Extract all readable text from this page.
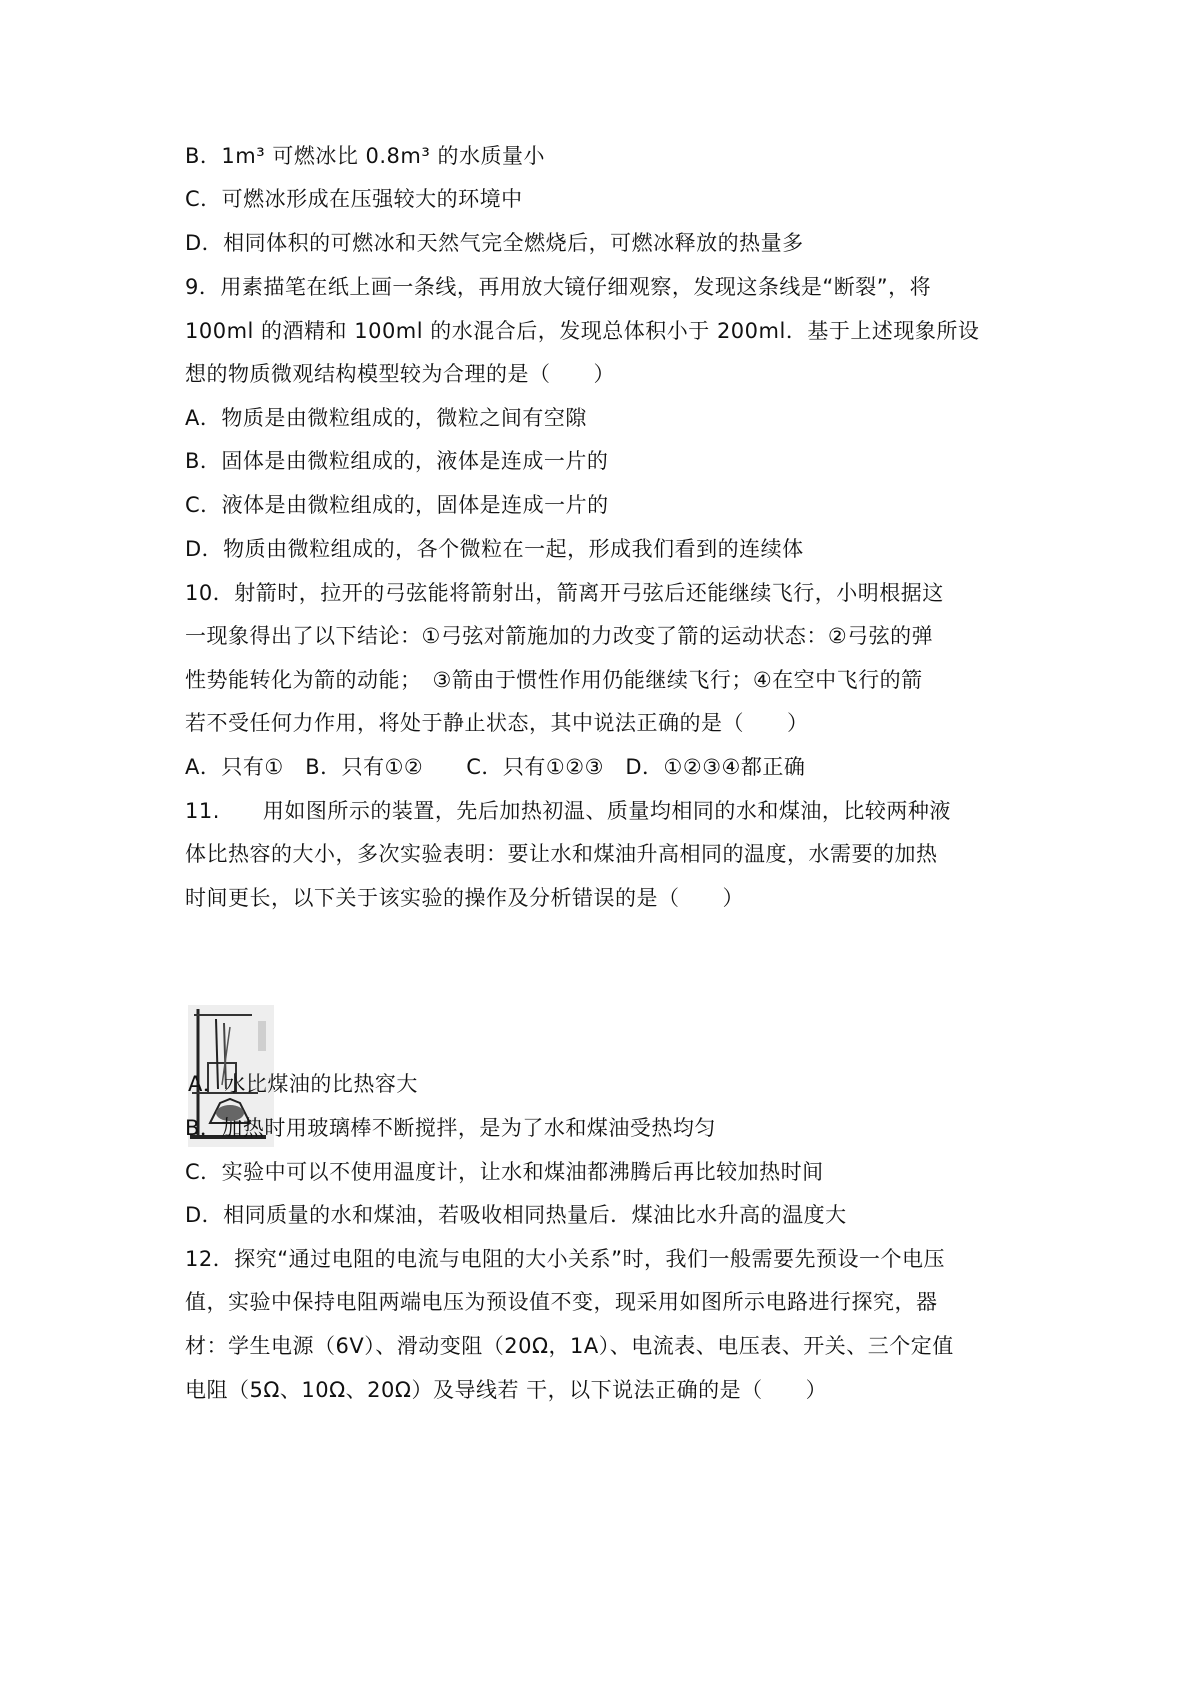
B．1m³ 可燃冰比 0.8m³ 的水质量小
C．可燃冰形成在压强较大的环境中
D．相同体积的可燃冰和天然气完全燃烧后，可燃冰释放的热量多
9．用素描笔在纸上画一条线，再用放大镜仔细观察，发现这条线是“断裂”，将
100ml 的酒精和 100ml 的水混合后，发现总体积小于 200ml．基于上述现象所设
想的物质微观结构模型较为合理的是（　　）
A．物质是由微粒组成的，微粒之间有空隙
B．固体是由微粒组成的，液体是连成一片的
C．液体是由微粒组成的，固体是连成一片的
D．物质由微粒组成的，各个微粒在一起，形成我们看到的连续体
10．射箭时，拉开的弓弦能将箭射出，箭离开弓弦后还能继续飞行，小明根据这
一现象得出了以下结论：①弓弦对箭施加的力改变了箭的运动状态：②弓弦的弹
性势能转化为箭的动能；　③箭由于惯性作用仍能继续飞行；④在空中飞行的箭
若不受任何力作用，将处于静止状态，其中说法正确的是（　　）
A．只有①　B．只有①②　　C．只有①②③　D．①②③④都正确
11.　　用如图所示的装置，先后加热初温、质量均相同的水和煤油，比较两种液
体比热容的大小，多次实验表明：要让水和煤油升高相同的温度，水需要的加热
时间更长，以下关于该实验的操作及分析错误的是（　　）
A．水比煤油的比热容大
B．加热时用玻璃棒不断搅拌，是为了水和煤油受热均匀
C．实验中可以不使用温度计，让水和煤油都沸腾后再比较加热时间
D．相同质量的水和煤油，若吸收相同热量后．煤油比水升高的温度大
12．探究“通过电阻的电流与电阻的大小关系”时，我们一般需要先预设一个电压
值，实验中保持电阻两端电压为预设值不变，现采用如图所示电路进行探究，器
材：学生电源（6V）、滑动变阻（20Ω，1A）、电流表、电压表、开关、三个定值
电阻（5Ω、10Ω、20Ω）及导线若 干，以下说法正确的是（　　）
